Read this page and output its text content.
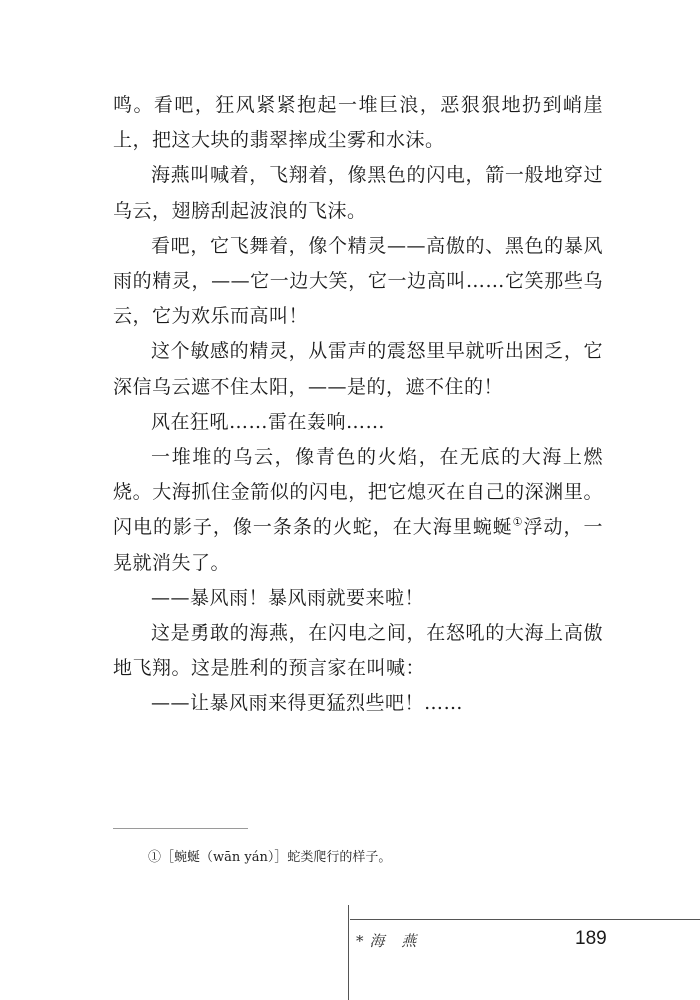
鸣。看吧，狂风紧紧抱起一堆巨浪，恶狠狠地扔到峭崖上，把这大块的翡翠摔成尘雾和水沫。

海燕叫喊着，飞翔着，像黑色的闪电，箭一般地穿过乌云，翅膀刮起波浪的飞沫。

看吧，它飞舞着，像个精灵——高傲的、黑色的暴风雨的精灵，——它一边大笑，它一边高叫……它笑那些乌云，它为欢乐而高叫！

这个敏感的精灵，从雷声的震怒里早就听出困乏，它深信乌云遮不住太阳，——是的，遮不住的！

风在狂吼……雷在轰响……

一堆堆的乌云，像青色的火焰，在无底的大海上燃烧。大海抓住金箭似的闪电，把它熄灭在自己的深渊里。闪电的影子，像一条条的火蛇，在大海里蜿蜒①浮动，一晃就消失了。

——暴风雨！暴风雨就要来啦！

这是勇敢的海燕，在闪电之间，在怒吼的大海上高傲地飞翔。这是胜利的预言家在叫喊：

——让暴风雨来得更猛烈些吧！……

①［蜿蜒（wān yán）］蛇类爬行的样子。
*海 燕	189
